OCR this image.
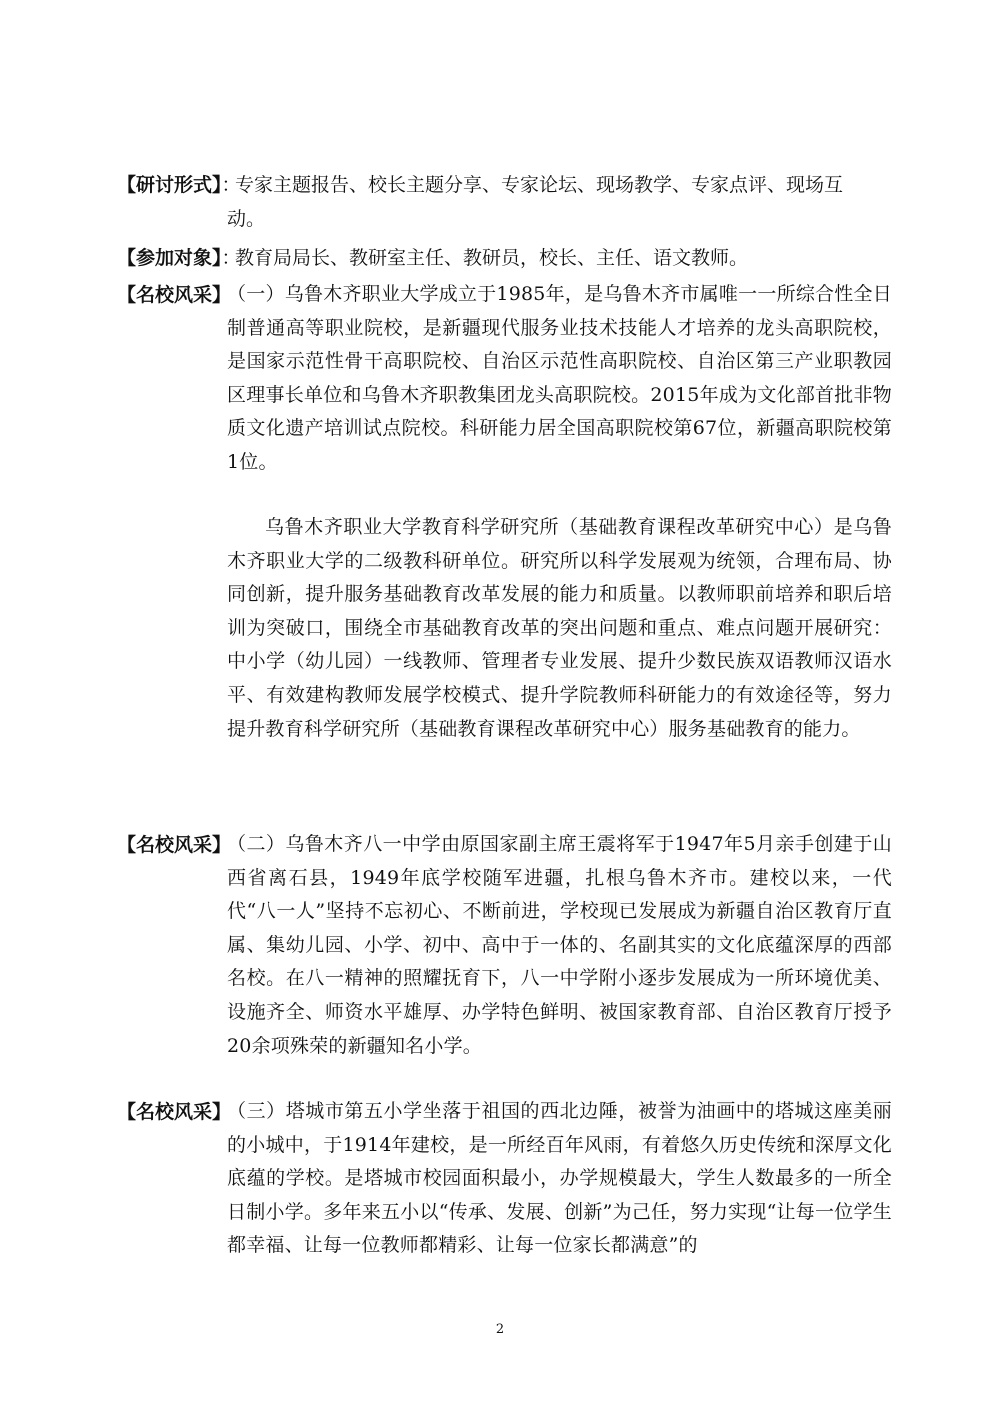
【研讨形式】：
专家主题报告、校长主题分享、专家论坛、现场教学、专家点评、现场互
动。
【参加对象】：
教育局局长、教研室主任、教研员，校长、主任、语文教师。
【名校风采】
（一）乌鲁木齐职业大学成立于1985年，是乌鲁木齐市属唯一一所综合性全日制普通高等职业院校，是新疆现代服务业技术技能人才培养的龙头高职院校，是国家示范性骨干高职院校、自治区示范性高职院校、自治区第三产业职教园区理事长单位和乌鲁木齐职教集团龙头高职院校。2015年成为文化部首批非物质文化遗产培训试点院校。科研能力居全国高职院校第67位，新疆高职院校第1位。
乌鲁木齐职业大学教育科学研究所（基础教育课程改革研究中心）是乌鲁木齐职业大学的二级教科研单位。研究所以科学发展观为统领，合理布局、协同创新，提升服务基础教育改革发展的能力和质量。以教师职前培养和职后培训为突破口，围绕全市基础教育改革的突出问题和重点、难点问题开展研究：中小学（幼儿园）一线教师、管理者专业发展、提升少数民族双语教师汉语水平、有效建构教师发展学校模式、提升学院教师科研能力的有效途径等，努力提升教育科学研究所（基础教育课程改革研究中心）服务基础教育的能力。
【名校风采】
（二）乌鲁木齐八一中学由原国家副主席王震将军于1947年5月亲手创建于山西省离石县，1949年底学校随军进疆，扎根乌鲁木齐市。建校以来，一代代“八一人”坚持不忘初心、不断前进，学校现已发展成为新疆自治区教育厅直属、集幼儿园、小学、初中、高中于一体的、名副其实的文化底蕴深厚的西部名校。在八一精神的照耀抚育下，八一中学附小逐步发展成为一所环境优美、设施齐全、师资水平雄厚、办学特色鲜明、被国家教育部、自治区教育厅授予20余项殊荣的新疆知名小学。
【名校风采】
（三）塔城市第五小学坐落于祖国的西北边陲，被誉为油画中的塔城这座美丽的小城中，于1914年建校，是一所经百年风雨，有着悠久历史传统和深厚文化底蕴的学校。是塔城市校园面积最小，办学规模最大，学生人数最多的一所全日制小学。多年来五小以“传承、发展、创新”为己任，努力实现“让每一位学生都幸福、让每一位教师都精彩、让每一位家长都满意”的
2
